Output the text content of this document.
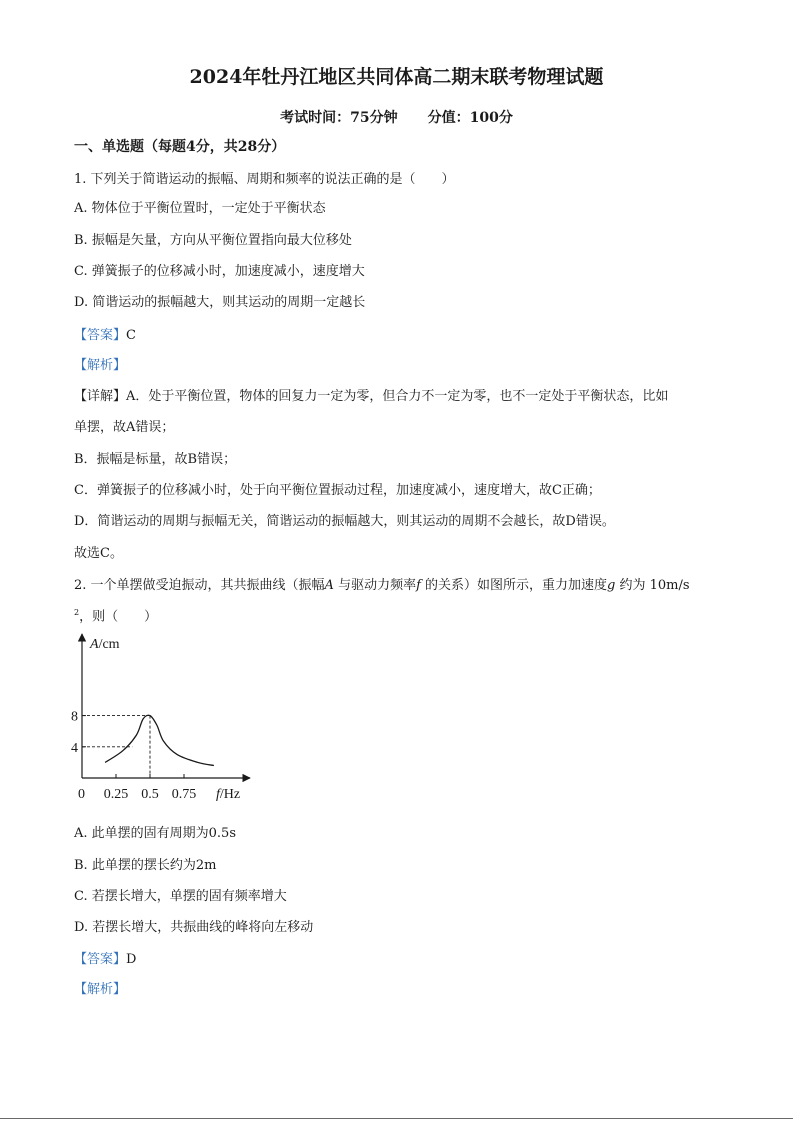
2024年牡丹江地区共同体高二期末联考物理试题
考试时间：75分钟 分值：100分
一、单选题（每题4分，共28分）
1. 下列关于简谐运动的振幅、周期和频率的说法正确的是（　　）
A. 物体位于平衡位置时，一定处于平衡状态
B. 振幅是矢量，方向从平衡位置指向最大位移处
C. 弹簧振子的位移减小时，加速度减小，速度增大
D. 简谐运动的振幅越大，则其运动的周期一定越长
【答案】C
【解析】
【详解】A．处于平衡位置，物体的回复力一定为零，但合力不一定为零，也不一定处于平衡状态，比如
单摆，故A错误；
B．振幅是标量，故B错误；
C．弹簧振子的位移减小时，处于向平衡位置振动过程，加速度减小，速度增大，故C正确；
D．简谐运动的周期与振幅无关，简谐运动的振幅越大，则其运动的周期不会越长，故D错误。
故选C。
2. 一个单摆做受迫振动，其共振曲线（振幅A 与驱动力频率f 的关系）如图所示，重力加速度g 约为 10m/s
$^2$，则（　　）
0.25 0.5 0.75
4
8
A/cm
f/Hz
0
A. 此单摆的固有周期为0.5s
B. 此单摆的摆长约为2m
C. 若摆长增大，单摆的固有频率增大
D. 若摆长增大，共振曲线的峰将向左移动
【答案】D
【解析】
